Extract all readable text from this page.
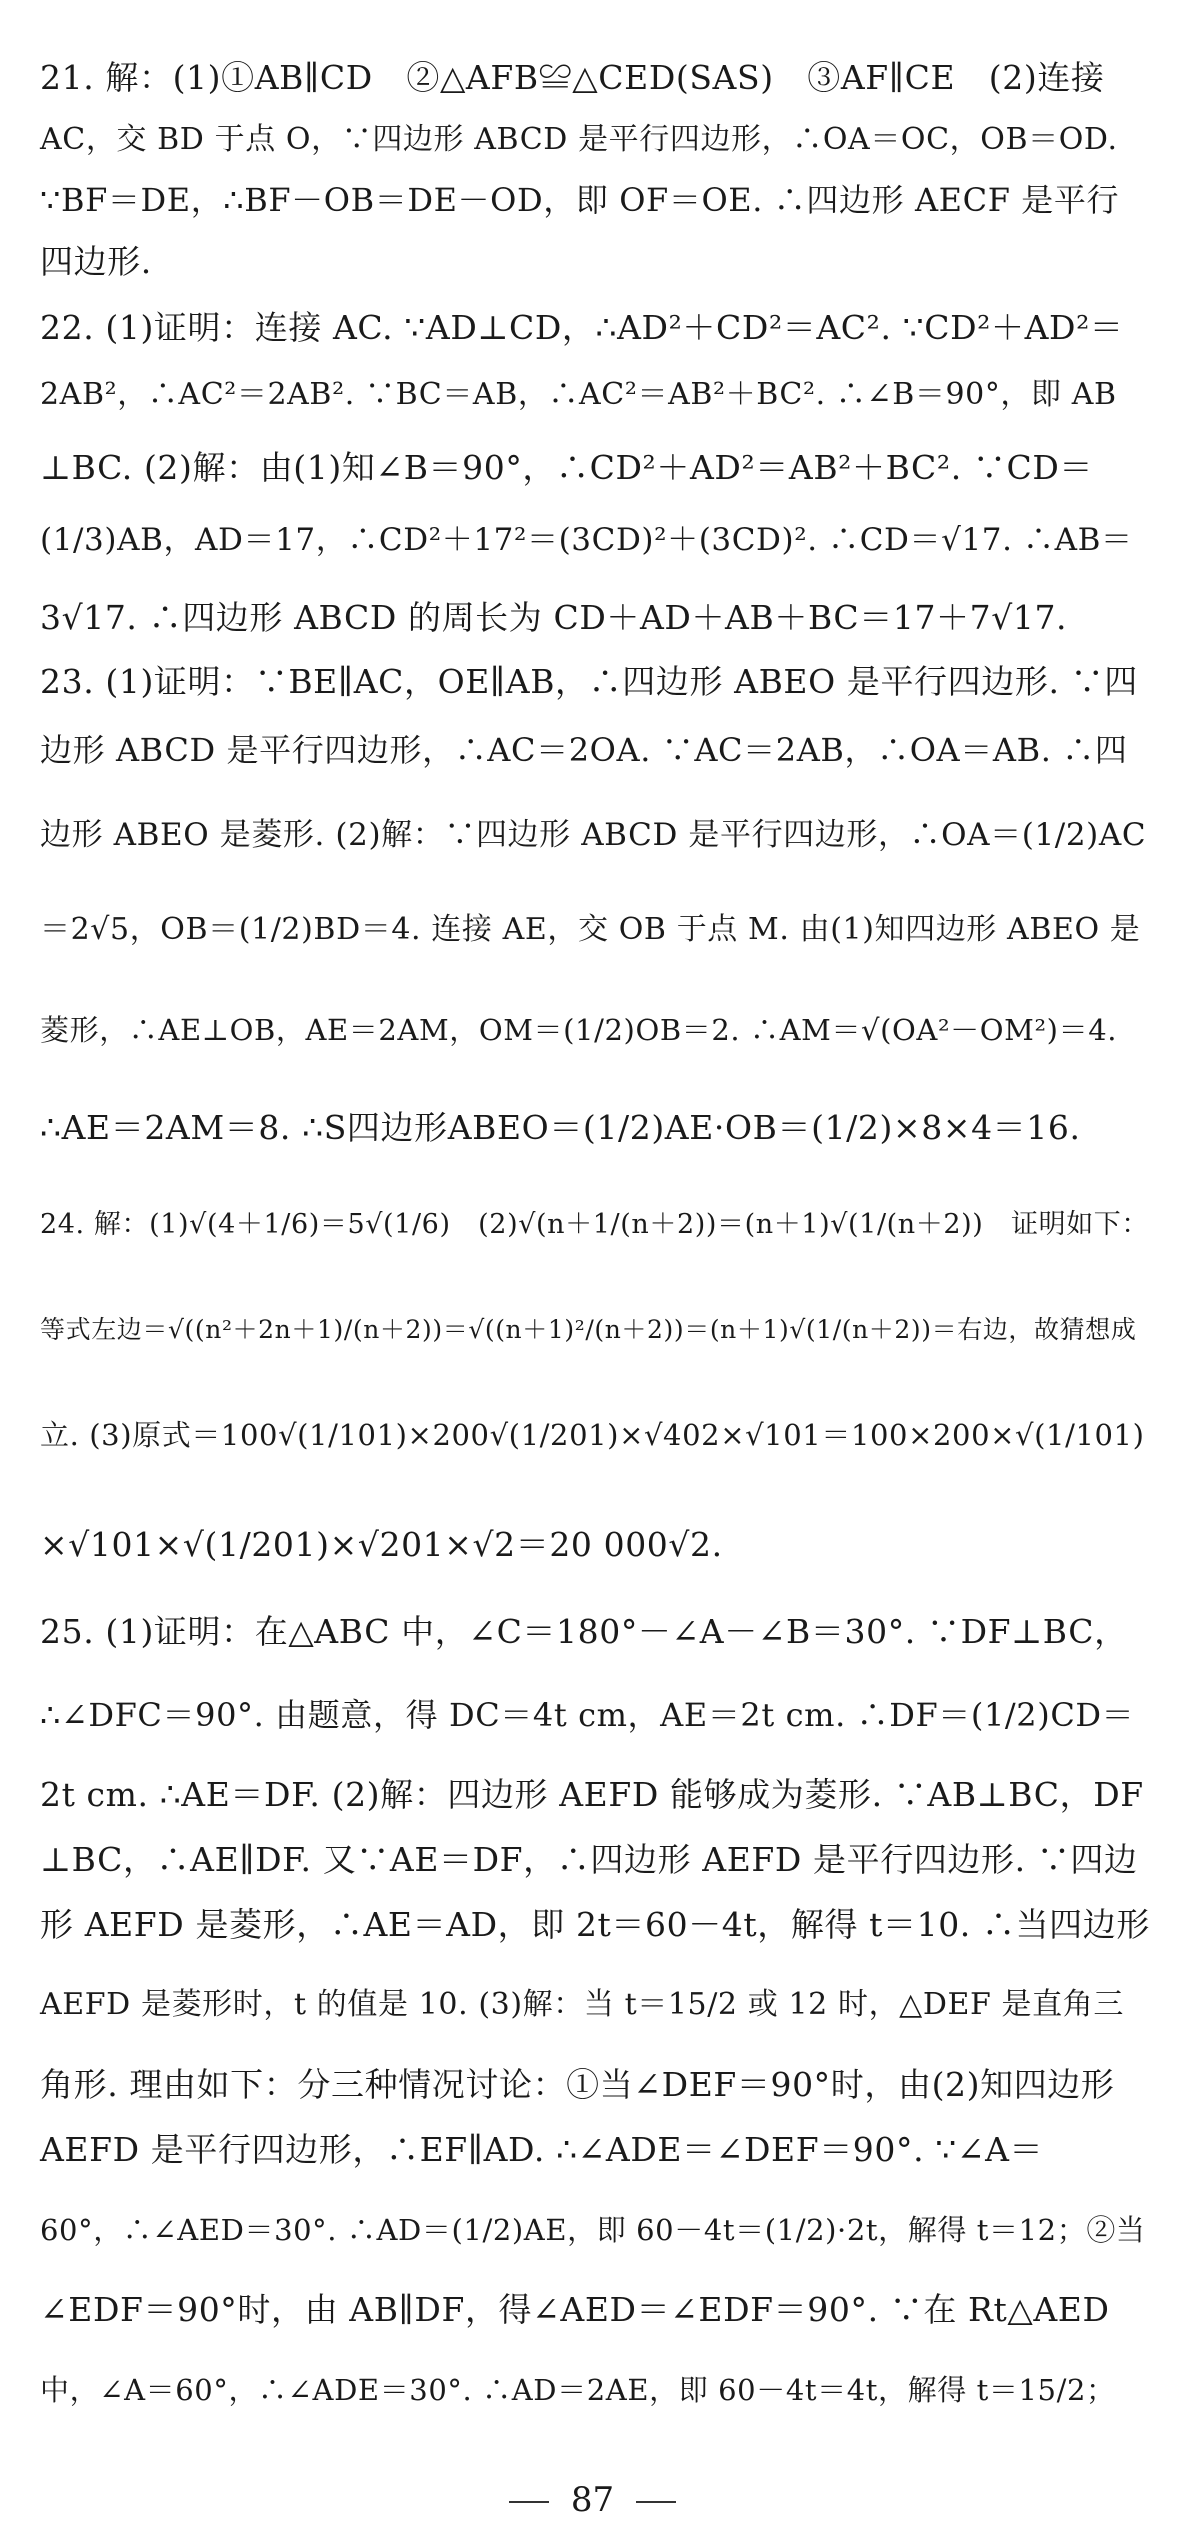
21. 解：(1)①AB∥CD　②△AFB≌△CED(SAS)　③AF∥CE　(2)连接
AC，交 BD 于点 O，∵四边形 ABCD 是平行四边形，∴OA＝OC，OB＝OD.
∵BF＝DE，∴BF－OB＝DE－OD，即 OF＝OE. ∴四边形 AECF 是平行
四边形.
22. (1)证明：连接 AC. ∵AD⊥CD，∴AD²＋CD²＝AC². ∵CD²＋AD²＝
2AB²，∴AC²＝2AB². ∵BC＝AB，∴AC²＝AB²＋BC². ∴∠B＝90°，即 AB
⊥BC. (2)解：由(1)知∠B＝90°，∴CD²＋AD²＝AB²＋BC². ∵CD＝
(1/3)AB，AD＝17，∴CD²＋17²＝(3CD)²＋(3CD)². ∴CD＝√17. ∴AB＝
3√17. ∴四边形 ABCD 的周长为 CD＋AD＋AB＋BC＝17＋7√17.
23. (1)证明：∵BE∥AC，OE∥AB，∴四边形 ABEO 是平行四边形. ∵四
边形 ABCD 是平行四边形，∴AC＝2OA. ∵AC＝2AB，∴OA＝AB. ∴四
边形 ABEO 是菱形. (2)解：∵四边形 ABCD 是平行四边形，∴OA＝(1/2)AC
＝2√5，OB＝(1/2)BD＝4. 连接 AE，交 OB 于点 M. 由(1)知四边形 ABEO 是
菱形，∴AE⊥OB，AE＝2AM，OM＝(1/2)OB＝2. ∴AM＝√(OA²－OM²)＝4.
∴AE＝2AM＝8. ∴S四边形ABEO＝(1/2)AE·OB＝(1/2)×8×4＝16.
24. 解：(1)√(4＋1/6)＝5√(1/6)　(2)√(n＋1/(n＋2))＝(n＋1)√(1/(n＋2))　证明如下：
等式左边＝√((n²＋2n＋1)/(n＋2))＝√((n＋1)²/(n＋2))＝(n＋1)√(1/(n＋2))＝右边，故猜想成
立. (3)原式＝100√(1/101)×200√(1/201)×√402×√101＝100×200×√(1/101)
×√101×√(1/201)×√201×√2＝20 000√2.
25. (1)证明：在△ABC 中，∠C＝180°－∠A－∠B＝30°. ∵DF⊥BC，
∴∠DFC＝90°. 由题意，得 DC＝4t cm，AE＝2t cm. ∴DF＝(1/2)CD＝
2t cm. ∴AE＝DF. (2)解：四边形 AEFD 能够成为菱形. ∵AB⊥BC，DF
⊥BC，∴AE∥DF. 又∵AE＝DF，∴四边形 AEFD 是平行四边形. ∵四边
形 AEFD 是菱形，∴AE＝AD，即 2t＝60－4t，解得 t＝10. ∴当四边形
AEFD 是菱形时，t 的值是 10. (3)解：当 t＝15/2 或 12 时，△DEF 是直角三
角形. 理由如下：分三种情况讨论：①当∠DEF＝90°时，由(2)知四边形
AEFD 是平行四边形，∴EF∥AD. ∴∠ADE＝∠DEF＝90°. ∵∠A＝
60°，∴∠AED＝30°. ∴AD＝(1/2)AE，即 60－4t＝(1/2)·2t，解得 t＝12；②当
∠EDF＝90°时，由 AB∥DF，得∠AED＝∠EDF＝90°. ∵在 Rt△AED
中，∠A＝60°，∴∠ADE＝30°. ∴AD＝2AE，即 60－4t＝4t，解得 t＝15/2；
87
